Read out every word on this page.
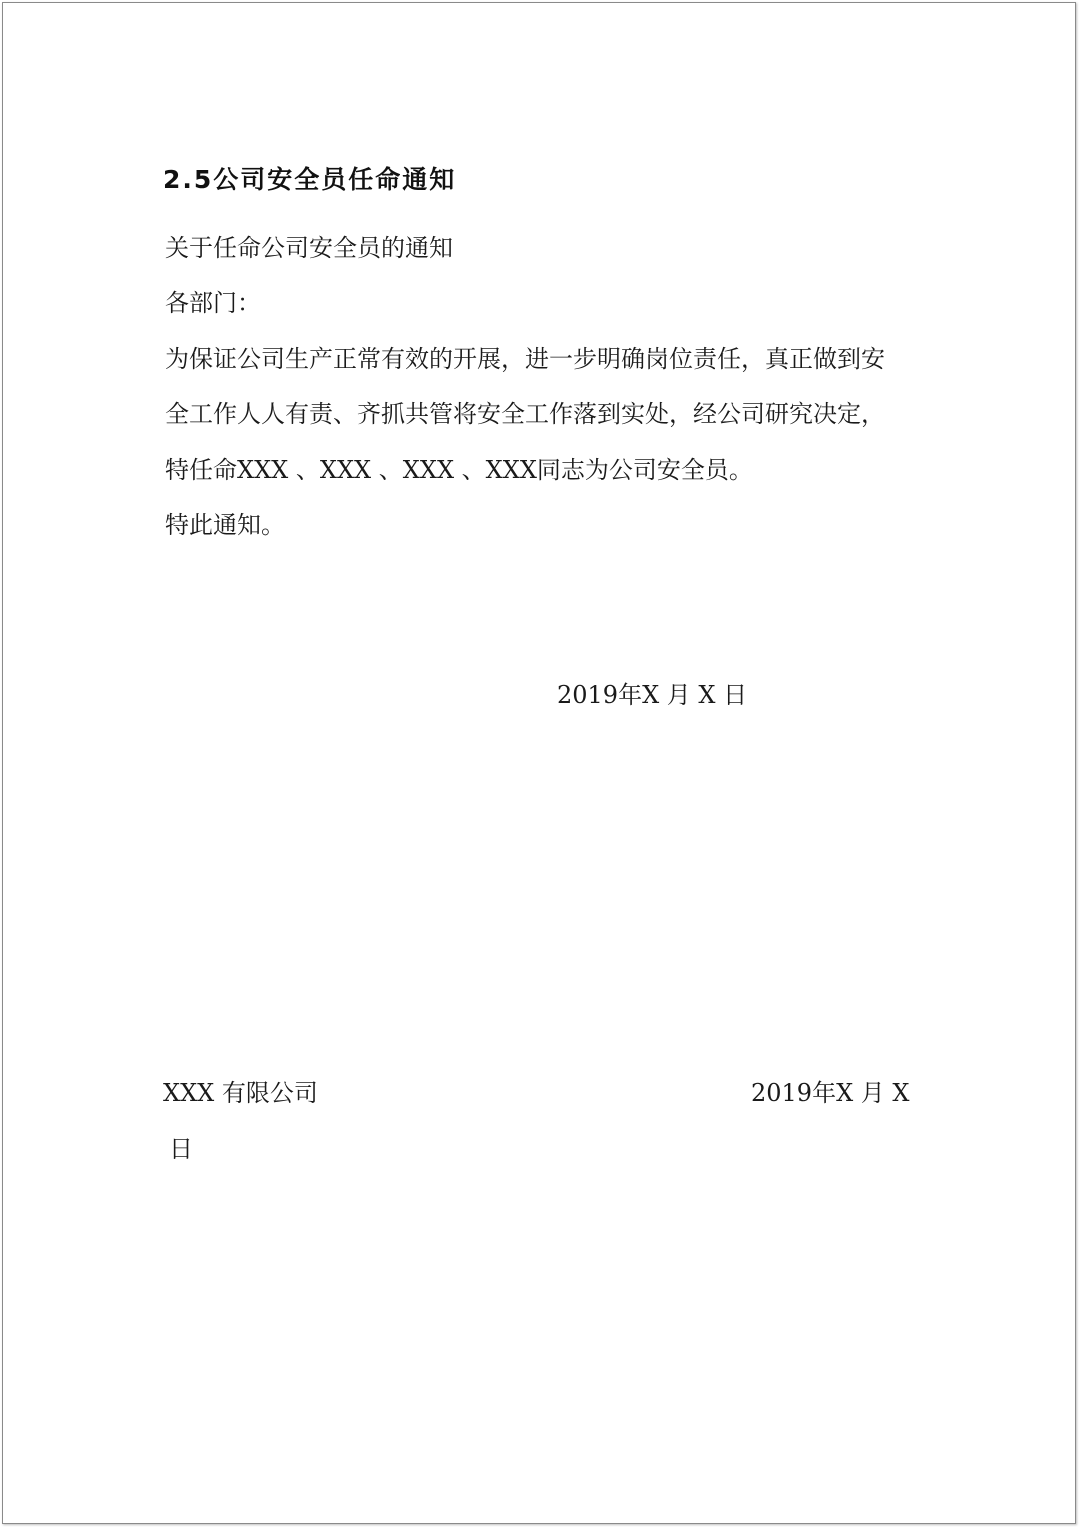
2.5公司安全员任命通知
关于任命公司安全员的通知
各部门：
为保证公司生产正常有效的开展，进一步明确岗位责任，真正做到安
全工作人人有责、齐抓共管将安全工作落到实处，经公司研究决定，
特任命XXX 、XXX 、XXX 、XXX同志为公司安全员。
特此通知。
2019年X 月 X 日
XXX 有限公司	2019年X 月 X
日
